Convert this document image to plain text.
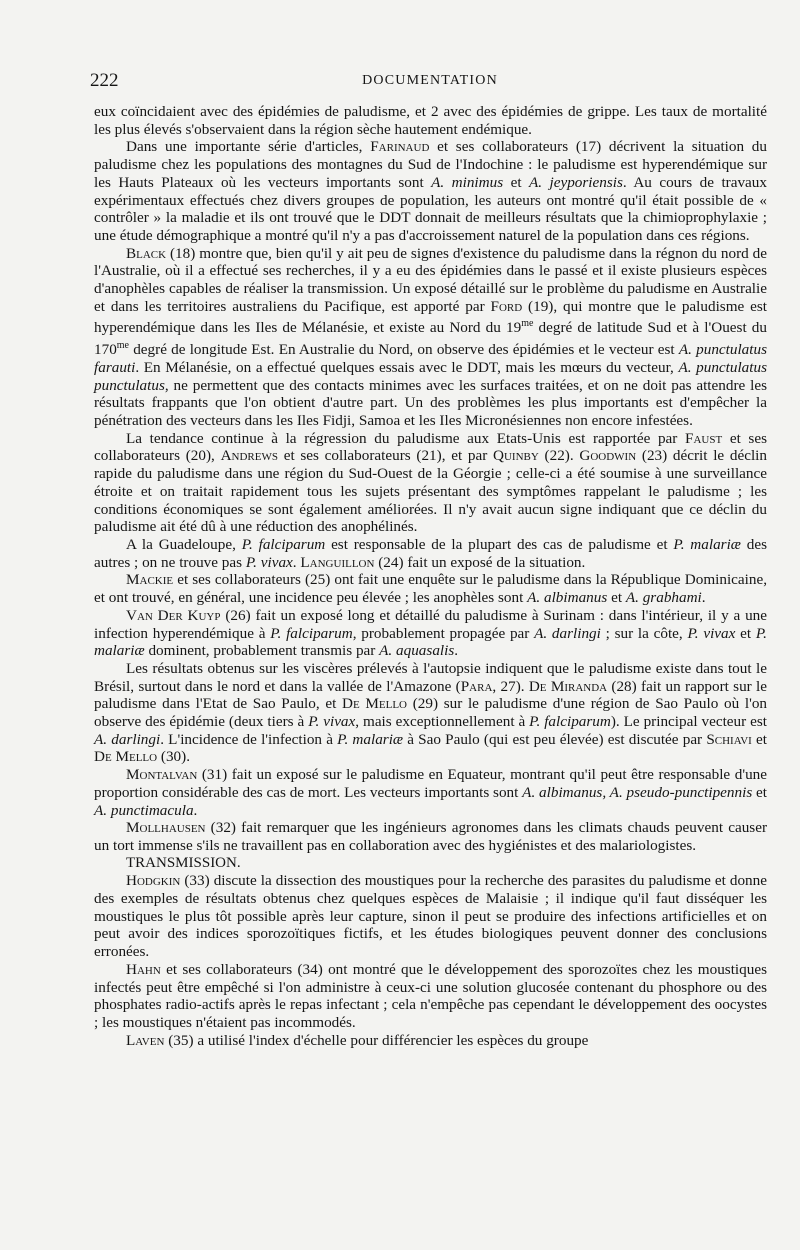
222	DOCUMENTATION

eux coïncidaient avec des épidémies de paludisme, et 2 avec des épidémies de grippe. Les taux de mortalité les plus élevés s'observaient dans la région sèche hautement endémique.

Dans une importante série d'articles, Farinaud et ses collaborateurs (17) décrivent la situation du paludisme chez les populations des montagnes du Sud de l'Indochine : le paludisme est hyperendémique sur les Hauts Plateaux où les vecteurs importants sont A. minimus et A. jeyporiensis. Au cours de travaux expérimentaux effectués chez divers groupes de population, les auteurs ont montré qu'il était possible de « contrôler » la maladie et ils ont trouvé que le DDT donnait de meilleurs résultats que la chimioprophylaxie ; une étude démographique a montré qu'il n'y a pas d'accroissement naturel de la population dans ces régions.

Black (18) montre que, bien qu'il y ait peu de signes d'existence du paludisme dans la régnon du nord de l'Australie, où il a effectué ses recherches, il y a eu des épidémies dans le passé et il existe plusieurs espèces d'anophèles capables de réaliser la transmission. Un exposé détaillé sur le problème du paludisme en Australie et dans les territoires australiens du Pacifique, est apporté par Ford (19), qui montre que le paludisme est hyperendémique dans les Iles de Mélanésie, et existe au Nord du $19^{me}$ degré de latitude Sud et à l'Ouest du $170^{me}$ degré de longitude Est. En Australie du Nord, on observe des épidémies et le vecteur est A. punctulatus farauti. En Mélanésie, on a effectué quelques essais avec le DDT, mais les mœurs du vecteur, A. punctulatus punctulatus, ne permettent que des contacts minimes avec les surfaces traitées, et on ne doit pas attendre les résultats frappants que l'on obtient d'autre part. Un des problèmes les plus importants est d'empêcher la pénétration des vecteurs dans les Iles Fidji, Samoa et les Iles Micronésiennes non encore infestées.

La tendance continue à la régression du paludisme aux Etats-Unis est rapportée par Faust et ses collaborateurs (20), Andrews et ses collaborateurs (21), et par Quinby (22). Goodwin (23) décrit le déclin rapide du paludisme dans une région du Sud-Ouest de la Géorgie ; celle-ci a été soumise à une surveillance étroite et on traitait rapidement tous les sujets présentant des symptômes rappelant le paludisme ; les conditions économiques se sont également améliorées. Il n'y avait aucun signe indiquant que ce déclin du paludisme ait été dû à une réduction des anophélinés.

A la Guadeloupe, P. falciparum est responsable de la plupart des cas de paludisme et P. malariæ des autres ; on ne trouve pas P. vivax. Languillon (24) fait un exposé de la situation.

Mackie et ses collaborateurs (25) ont fait une enquête sur le paludisme dans la République Dominicaine, et ont trouvé, en général, une incidence peu élevée ; les anophèles sont A. albimanus et A. grabhami.

Van Der Kuyp (26) fait un exposé long et détaillé du paludisme à Surinam : dans l'intérieur, il y a une infection hyperendémique à P. falciparum, probablement propagée par A. darlingi ; sur la côte, P. vivax et P. malariæ dominent, probablement transmis par A. aquasalis.

Les résultats obtenus sur les viscères prélevés à l'autopsie indiquent que le paludisme existe dans tout le Brésil, surtout dans le nord et dans la vallée de l'Amazone (Para, 27). De Miranda (28) fait un rapport sur le paludisme dans l'Etat de Sao Paulo, et De Mello (29) sur le paludisme d'une région de Sao Paulo où l'on observe des épidémie (deux tiers à P. vivax, mais exceptionnellement à P. falciparum). Le principal vecteur est A. darlingi. L'incidence de l'infection à P. malariæ à Sao Paulo (qui est peu élevée) est discutée par Schiavi et De Mello (30).

Montalvan (31) fait un exposé sur le paludisme en Equateur, montrant qu'il peut être responsable d'une proportion considérable des cas de mort. Les vecteurs importants sont A. albimanus, A. pseudo-punctipennis et A. punctimacula.

Mollhausen (32) fait remarquer que les ingénieurs agronomes dans les climats chauds peuvent causer un tort immense s'ils ne travaillent pas en collaboration avec des hygiénistes et des malariologistes.

TRANSMISSION.

Hodgkin (33) discute la dissection des moustiques pour la recherche des parasites du paludisme et donne des exemples de résultats obtenus chez quelques espèces de Malaisie ; il indique qu'il faut disséquer les moustiques le plus tôt possible après leur capture, sinon il peut se produire des infections artificielles et on peut avoir des indices sporozoïtiques fictifs, et les études biologiques peuvent donner des conclusions erronées.

Hahn et ses collaborateurs (34) ont montré que le développement des sporozoïtes chez les moustiques infectés peut être empêché si l'on administre à ceux-ci une solution glucosée contenant du phosphore ou des phosphates radio-actifs après le repas infectant ; cela n'empêche pas cependant le développement des oocystes ; les moustiques n'étaient pas incommodés.

Laven (35) a utilisé l'index d'échelle pour différencier les espèces du groupe
